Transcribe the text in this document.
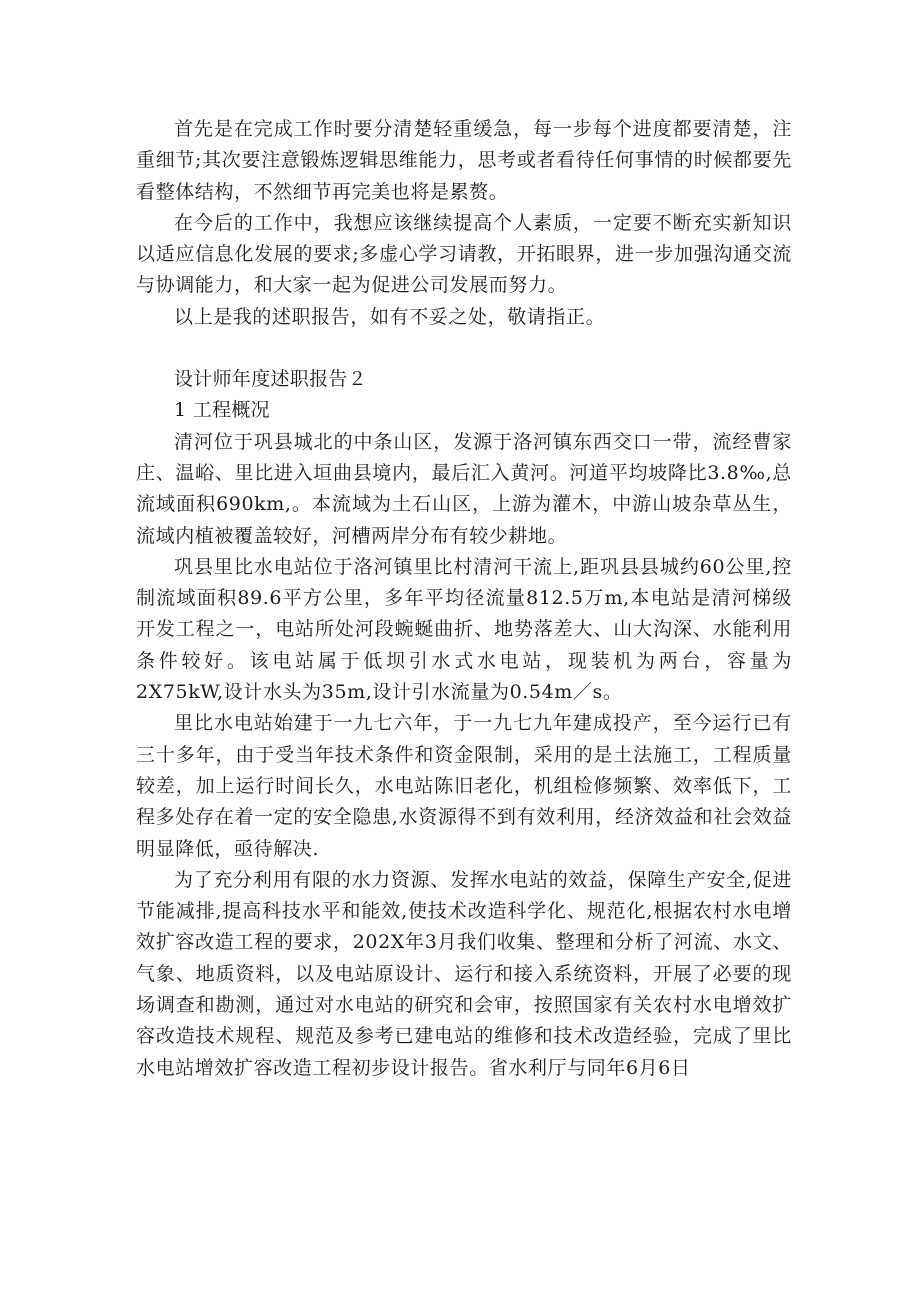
首先是在完成工作时要分清楚轻重缓急，每一步每个进度都要清楚，注重细节;其次要注意锻炼逻辑思维能力，思考或者看待任何事情的时候都要先看整体结构，不然细节再完美也将是累赘。

在今后的工作中，我想应该继续提高个人素质，一定要不断充实新知识以适应信息化发展的要求;多虚心学习请教，开拓眼界，进一步加强沟通交流与协调能力，和大家一起为促进公司发展而努力。

以上是我的述职报告，如有不妥之处，敬请指正。

设计师年度述职报告２

1 工程概况

清河位于巩县城北的中条山区，发源于洛河镇东西交口一带，流经曹家庄、温峪、里比进入垣曲县境内，最后汇入黄河。河道平均坡降比3.8‰,总流域面积690km,。本流域为土石山区，上游为灌木，中游山坡杂草丛生，流域内植被覆盖较好，河槽两岸分布有较少耕地。

巩县里比水电站位于洛河镇里比村清河干流上,距巩县县城约60公里,控制流域面积89.6平方公里，多年平均径流量812.5万m,本电站是清河梯级开发工程之一，电站所处河段蜿蜒曲折、地势落差大、山大沟深、水能利用条件较好。该电站属于低坝引水式水电站，现装机为两台，容量为2X75kW,设计水头为35m,设计引水流量为0.54m／s。

里比水电站始建于一九七六年，于一九七九年建成投产，至今运行已有三十多年，由于受当年技术条件和资金限制，采用的是土法施工，工程质量较差，加上运行时间长久，水电站陈旧老化，机组检修频繁、效率低下，工程多处存在着一定的安全隐患,水资源得不到有效利用，经济效益和社会效益明显降低，亟待解决.

为了充分利用有限的水力资源、发挥水电站的效益，保障生产安全,促进节能减排,提高科技水平和能效,使技术改造科学化、规范化,根据农村水电增效扩容改造工程的要求，202X年3月我们收集、整理和分析了河流、水文、气象、地质资料，以及电站原设计、运行和接入系统资料，开展了必要的现场调查和勘测，通过对水电站的研究和会审，按照国家有关农村水电增效扩容改造技术规程、规范及参考已建电站的维修和技术改造经验，完成了里比水电站增效扩容改造工程初步设计报告。省水利厅与同年6月6日
